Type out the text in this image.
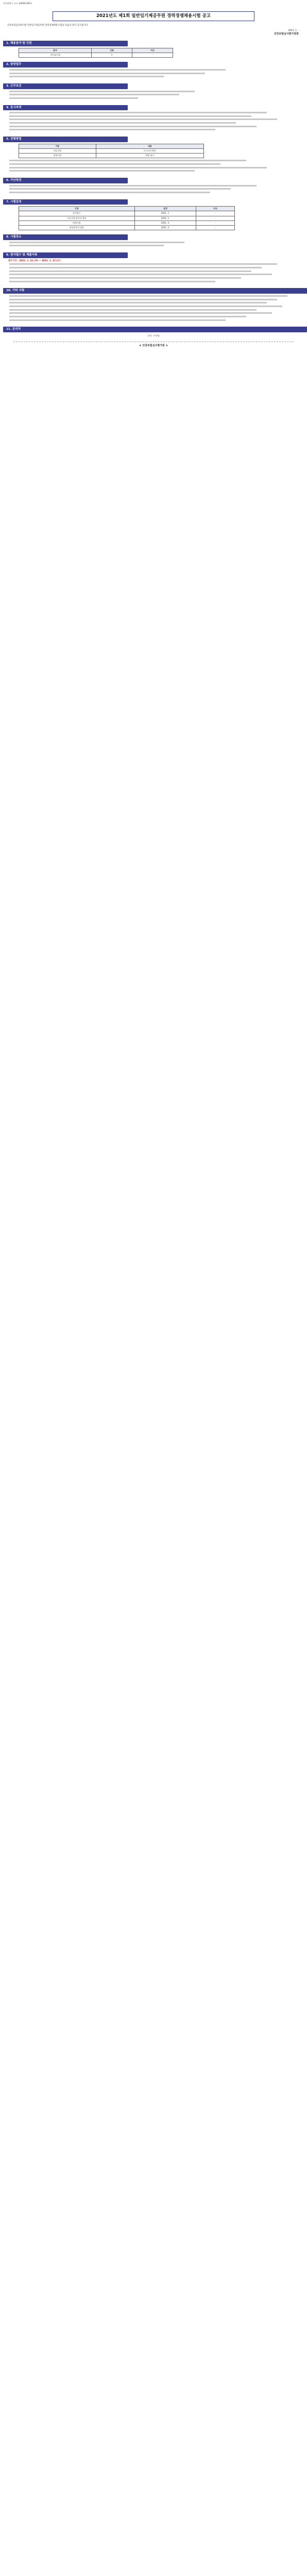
부산광역시 고시 제0000-000호
2021년도 제1회 일반임기제공무원 경력경쟁채용시험 공고
건강보험심사평가원 일반임기제공무원 경력경쟁채용시험을 다음과 같이 공고합니다.
2021. 1. .
건강보험심사평가원장
1. 채용분야 및 인원
분야	인원	비고
전문임기제	1	-
2. 담당업무

3. 근무조건

4. 응시자격

5. 전형방법
구분	내용
서류전형	응시자격 확인
면접시험	역량 평가

6. 가산특전

7. 시험일정
구분	일정	비고
원서접수	2021. 1.	-
서류전형 합격자 발표	2021. 1.	-
면접시험	2021. 2.	-
최종합격자 발표	2021. 2.	-
8. 시험장소

9. 원서접수 및 제출서류
접수기간 : 2021. 1. 21.(목) ~ 2021. 1. 27.(수)

10. 기타 사항

11. 문의처
문의 : 인사팀
★ 건강보험심사평가원 ★
